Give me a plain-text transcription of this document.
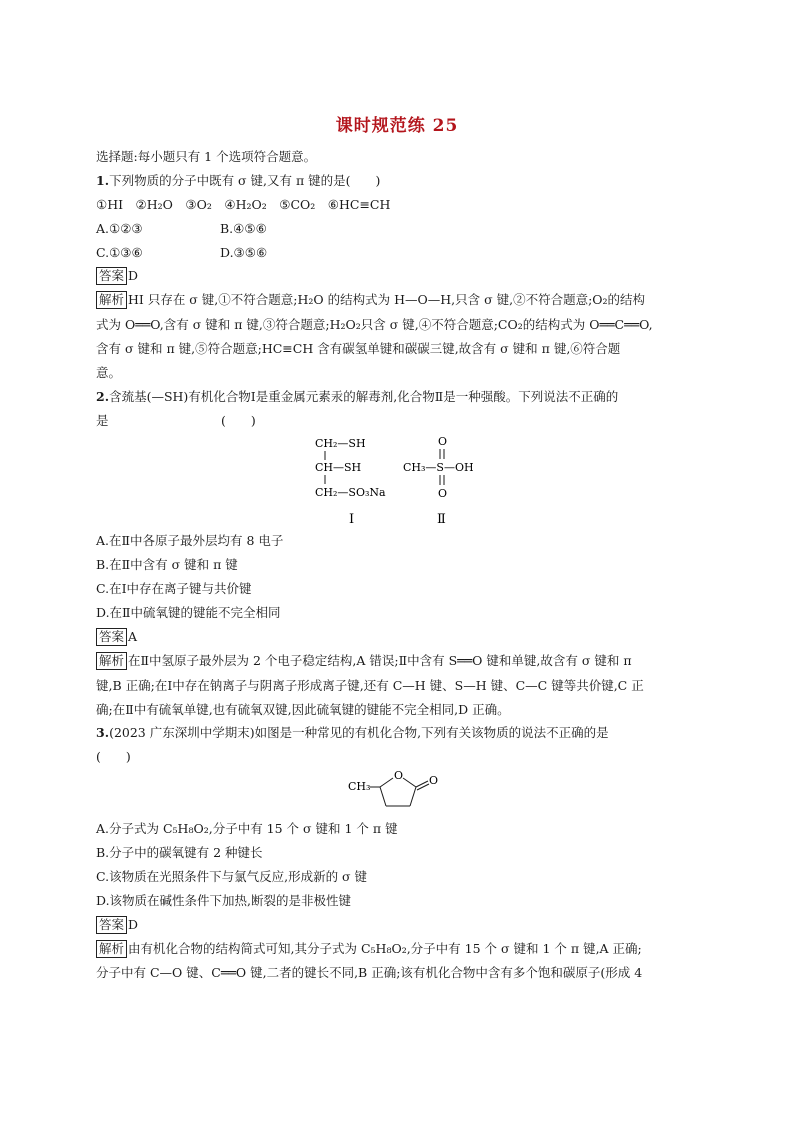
课时规范练 25
选择题:每小题只有 1 个选项符合题意。
1.下列物质的分子中既有 σ 键,又有 π 键的是(　　)
①HI　②H₂O　③O₂　④H₂O₂　⑤CO₂　⑥HC≡CH
A.①②③	B.④⑤⑥
C.①③⑥	D.③⑤⑥
答案 D
解析 HI 只存在 σ 键,①不符合题意;H₂O 的结构式为 H—O—H,只含 σ 键,②不符合题意;O₂的结构
式为 O══O,含有 σ 键和 π 键,③符合题意;H₂O₂只含 σ 键,④不符合题意;CO₂的结构式为 O══C══O,
含有 σ 键和 π 键,⑤符合题意;HC≡CH 含有碳氢单键和碳碳三键,故含有 σ 键和 π 键,⑥符合题
意。
2.含巯基(—SH)有机化合物Ⅰ是重金属元素汞的解毒剂,化合物Ⅱ是一种强酸。下列说法不正确的
是　　　　　　　　　(　　)
CH₂—SH
CH—SH
CH₂—SO₃Na
Ⅰ
O
CH₃—S—OH
O
Ⅱ
A.在Ⅱ中各原子最外层均有 8 电子
B.在Ⅱ中含有 σ 键和 π 键
C.在Ⅰ中存在离子键与共价键
D.在Ⅱ中硫氧键的键能不完全相同
答案 A
解析 在Ⅱ中氢原子最外层为 2 个电子稳定结构,A 错误;Ⅱ中含有 S══O 键和单键,故含有 σ 键和 π
键,B 正确;在Ⅰ中存在钠离子与阴离子形成离子键,还有 C—H 键、S—H 键、C—C 键等共价键,C 正
确;在Ⅱ中有硫氧单键,也有硫氧双键,因此硫氧键的键能不完全相同,D 正确。
3.(2023 广东深圳中学期末)如图是一种常见的有机化合物,下列有关该物质的说法不正确的是
(　　)
CH₃
O O
A.分子式为 C₅H₈O₂,分子中有 15 个 σ 键和 1 个 π 键
B.分子中的碳氧键有 2 种键长
C.该物质在光照条件下与氯气反应,形成新的 σ 键
D.该物质在碱性条件下加热,断裂的是非极性键
答案 D
解析 由有机化合物的结构简式可知,其分子式为 C₅H₈O₂,分子中有 15 个 σ 键和 1 个 π 键,A 正确;
分子中有 C—O 键、C══O 键,二者的键长不同,B 正确;该有机化合物中含有多个饱和碳原子(形成 4
